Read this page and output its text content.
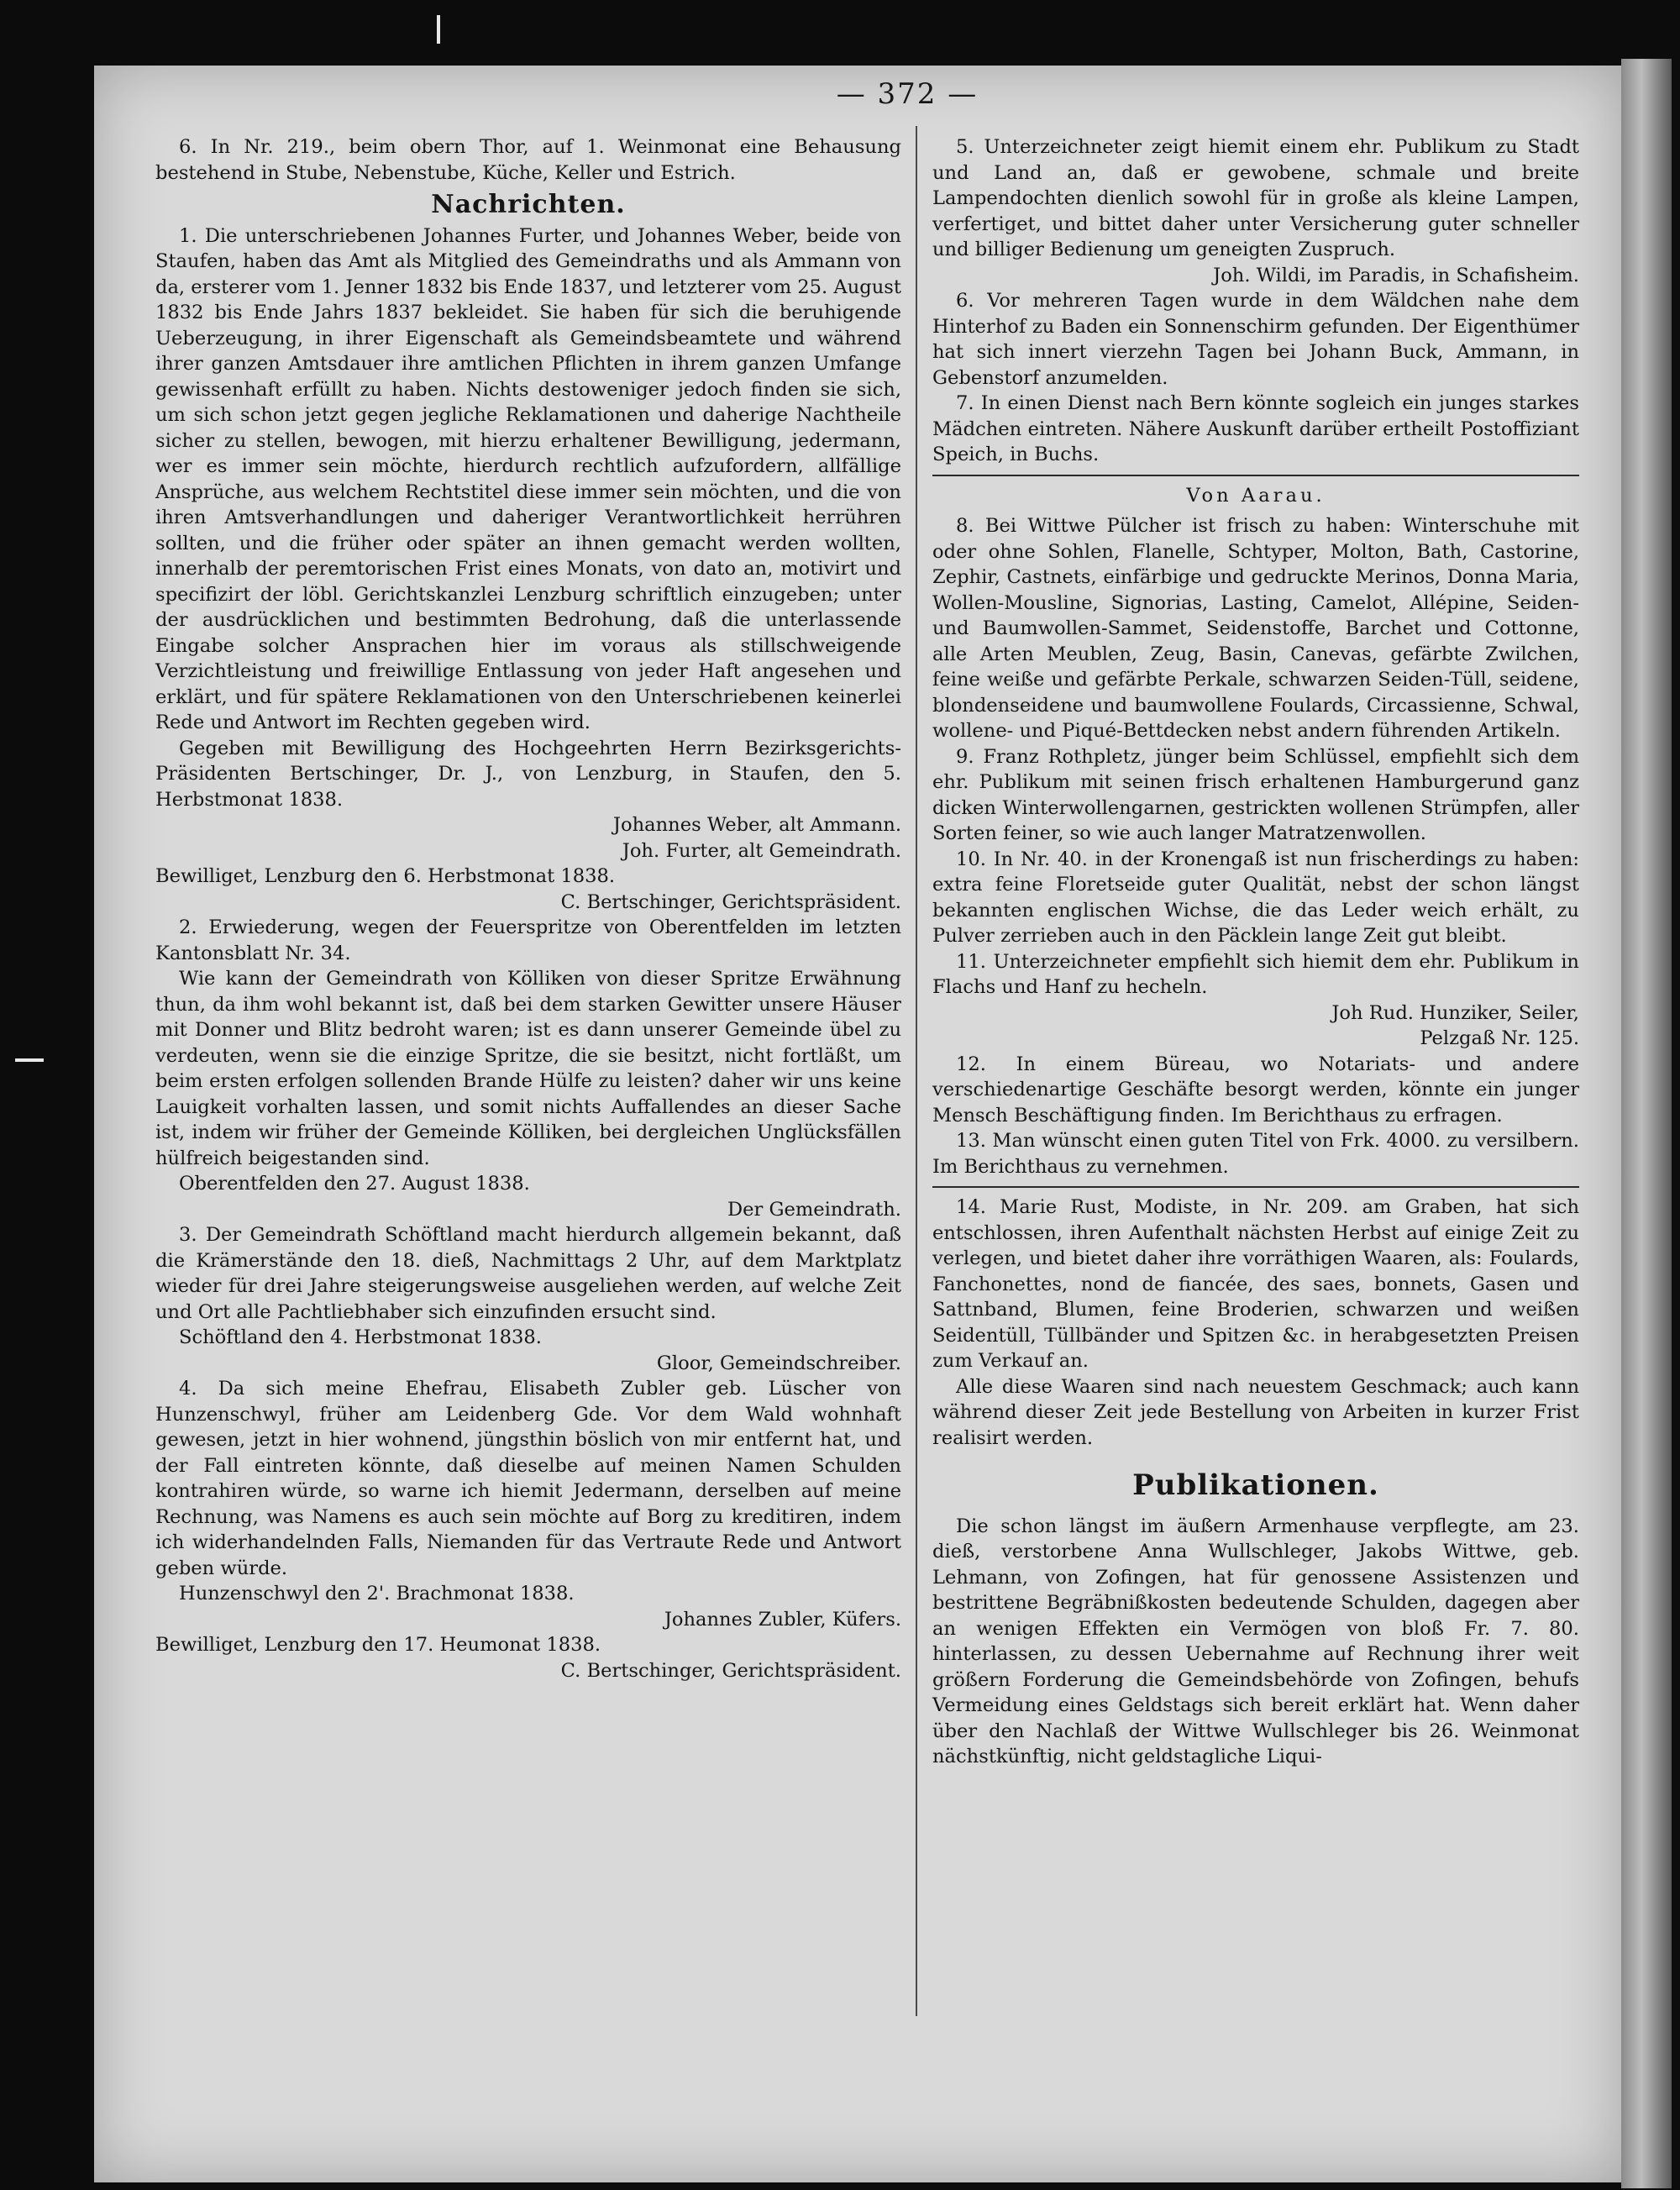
— 372 —

6. In Nr. 219., beim obern Thor, auf 1. Weinmonat eine Behausung bestehend in Stube, Nebenstube, Küche, Keller und Estrich.

Nachrichten.

1. Die unterschriebenen Johannes Furter, und Johannes Weber, beide von Staufen, haben das Amt als Mitglied des Gemeindraths und als Ammann von da, ersterer vom 1. Jenner 1832 bis Ende 1837, und letzterer vom 25. August 1832 bis Ende Jahrs 1837 bekleidet. Sie haben für sich die beruhigende Ueberzeugung, in ihrer Eigenschaft als Gemeindsbeamtete und während ihrer ganzen Amtsdauer ihre amtlichen Pflichten in ihrem ganzen Umfange gewissenhaft erfüllt zu haben. Nichts destoweniger jedoch finden sie sich, um sich schon jetzt gegen jegliche Reklamationen und daherige Nachtheile sicher zu stellen, bewogen, mit hierzu erhaltener Bewilligung, jedermann, wer es immer sein möchte, hierdurch rechtlich aufzufordern, allfällige Ansprüche, aus welchem Rechtstitel diese immer sein möchten, und die von ihren Amtsverhandlungen und daheriger Verantwortlichkeit herrühren sollten, und die früher oder später an ihnen gemacht werden wollten, innerhalb der peremtorischen Frist eines Monats, von dato an, motivirt und specifizirt der löbl. Gerichtskanzlei Lenzburg schriftlich einzugeben; unter der ausdrücklichen und bestimmten Bedrohung, daß die unterlassende Eingabe solcher Ansprachen hier im voraus als stillschweigende Verzichtleistung und freiwillige Entlassung von jeder Haft angesehen und erklärt, und für spätere Reklamationen von den Unterschriebenen keinerlei Rede und Antwort im Rechten gegeben wird.

Gegeben mit Bewilligung des Hochgeehrten Herrn Bezirksgerichts-Präsidenten Bertschinger, Dr. J., von Lenzburg, in Staufen, den 5. Herbstmonat 1838.

Johannes Weber, alt Ammann.

Joh. Furter, alt Gemeindrath.

Bewilliget, Lenzburg den 6. Herbstmonat 1838.

C. Bertschinger, Gerichtspräsident.

2. Erwiederung, wegen der Feuerspritze von Oberentfelden im letzten Kantonsblatt Nr. 34.

Wie kann der Gemeindrath von Kölliken von dieser Spritze Erwähnung thun, da ihm wohl bekannt ist, daß bei dem starken Gewitter unsere Häuser mit Donner und Blitz bedroht waren; ist es dann unserer Gemeinde übel zu verdeuten, wenn sie die einzige Spritze, die sie besitzt, nicht fortläßt, um beim ersten erfolgen sollenden Brande Hülfe zu leisten? daher wir uns keine Lauigkeit vorhalten lassen, und somit nichts Auffallendes an dieser Sache ist, indem wir früher der Gemeinde Kölliken, bei dergleichen Unglücksfällen hülfreich beigestanden sind.

Oberentfelden den 27. August 1838.

Der Gemeindrath.

3. Der Gemeindrath Schöftland macht hierdurch allgemein bekannt, daß die Krämerstände den 18. dieß, Nachmittags 2 Uhr, auf dem Marktplatz wieder für drei Jahre steigerungsweise ausgeliehen werden, auf welche Zeit und Ort alle Pachtliebhaber sich einzufinden ersucht sind.

Schöftland den 4. Herbstmonat 1838.

Gloor, Gemeindschreiber.

4. Da sich meine Ehefrau, Elisabeth Zubler geb. Lüscher von Hunzenschwyl, früher am Leidenberg Gde. Vor dem Wald wohnhaft gewesen, jetzt in hier wohnend, jüngsthin böslich von mir entfernt hat, und der Fall eintreten könnte, daß dieselbe auf meinen Namen Schulden kontrahiren würde, so warne ich hiemit Jedermann, derselben auf meine Rechnung, was Namens es auch sein möchte auf Borg zu kreditiren, indem ich widerhandelnden Falls, Niemanden für das Vertraute Rede und Antwort geben würde.

Hunzenschwyl den 2'. Brachmonat 1838.

Johannes Zubler, Küfers.

Bewilliget, Lenzburg den 17. Heumonat 1838.

C. Bertschinger, Gerichtspräsident.

5. Unterzeichneter zeigt hiemit einem ehr. Publikum zu Stadt und Land an, daß er gewobene, schmale und breite Lampendochten dienlich sowohl für in große als kleine Lampen, verfertiget, und bittet daher unter Versicherung guter schneller und billiger Bedienung um geneigten Zuspruch.

Joh. Wildi, im Paradis, in Schafisheim.

6. Vor mehreren Tagen wurde in dem Wäldchen nahe dem Hinterhof zu Baden ein Sonnenschirm gefunden. Der Eigenthümer hat sich innert vierzehn Tagen bei Johann Buck, Ammann, in Gebenstorf anzumelden.

7. In einen Dienst nach Bern könnte sogleich ein junges starkes Mädchen eintreten. Nähere Auskunft darüber ertheilt Postoffiziant Speich, in Buchs.

Von Aarau.

8. Bei Wittwe Pülcher ist frisch zu haben: Winterschuhe mit oder ohne Sohlen, Flanelle, Schtyper, Molton, Bath, Castorine, Zephir, Castnets, einfärbige und gedruckte Merinos, Donna Maria, Wollen-Mousline, Signorias, Lasting, Camelot, Allépine, Seiden- und Baumwollen-Sammet, Seidenstoffe, Barchet und Cottonne, alle Arten Meublen, Zeug, Basin, Canevas, gefärbte Zwilchen, feine weiße und gefärbte Perkale, schwarzen Seiden-Tüll, seidene, blondenseidene und baumwollene Foulards, Circassienne, Schwal, wollene- und Piqué-Bettdecken nebst andern führenden Artikeln.

9. Franz Rothpletz, jünger beim Schlüssel, empfiehlt sich dem ehr. Publikum mit seinen frisch erhaltenen Hamburgerund ganz dicken Winterwollengarnen, gestrickten wollenen Strümpfen, aller Sorten feiner, so wie auch langer Matratzenwollen.

10. In Nr. 40. in der Kronengaß ist nun frischerdings zu haben: extra feine Floretseide guter Qualität, nebst der schon längst bekannten englischen Wichse, die das Leder weich erhält, zu Pulver zerrieben auch in den Päcklein lange Zeit gut bleibt.

11. Unterzeichneter empfiehlt sich hiemit dem ehr. Publikum in Flachs und Hanf zu hecheln.

Joh Rud. Hunziker, Seiler,

Pelzgaß Nr. 125.

12. In einem Büreau, wo Notariats- und andere verschiedenartige Geschäfte besorgt werden, könnte ein junger Mensch Beschäftigung finden. Im Berichthaus zu erfragen.

13. Man wünscht einen guten Titel von Frk. 4000. zu versilbern. Im Berichthaus zu vernehmen.

14. Marie Rust, Modiste, in Nr. 209. am Graben, hat sich entschlossen, ihren Aufenthalt nächsten Herbst auf einige Zeit zu verlegen, und bietet daher ihre vorräthigen Waaren, als: Foulards, Fanchonettes, nond de fiancée, des saes, bonnets, Gasen und Sattnband, Blumen, feine Broderien, schwarzen und weißen Seidentüll, Tüllbänder und Spitzen &c. in herabgesetzten Preisen zum Verkauf an.

Alle diese Waaren sind nach neuestem Geschmack; auch kann während dieser Zeit jede Bestellung von Arbeiten in kurzer Frist realisirt werden.

Publikationen.

Die schon längst im äußern Armenhause verpflegte, am 23. dieß, verstorbene Anna Wullschleger, Jakobs Wittwe, geb. Lehmann, von Zofingen, hat für genossene Assistenzen und bestrittene Begräbnißkosten bedeutende Schulden, dagegen aber an wenigen Effekten ein Vermögen von bloß Fr. 7. 80. hinterlassen, zu dessen Uebernahme auf Rechnung ihrer weit größern Forderung die Gemeindsbehörde von Zofingen, behufs Vermeidung eines Geldstags sich bereit erklärt hat. Wenn daher über den Nachlaß der Wittwe Wullschleger bis 26. Weinmonat nächstkünftig, nicht geldstagliche Liqui-
